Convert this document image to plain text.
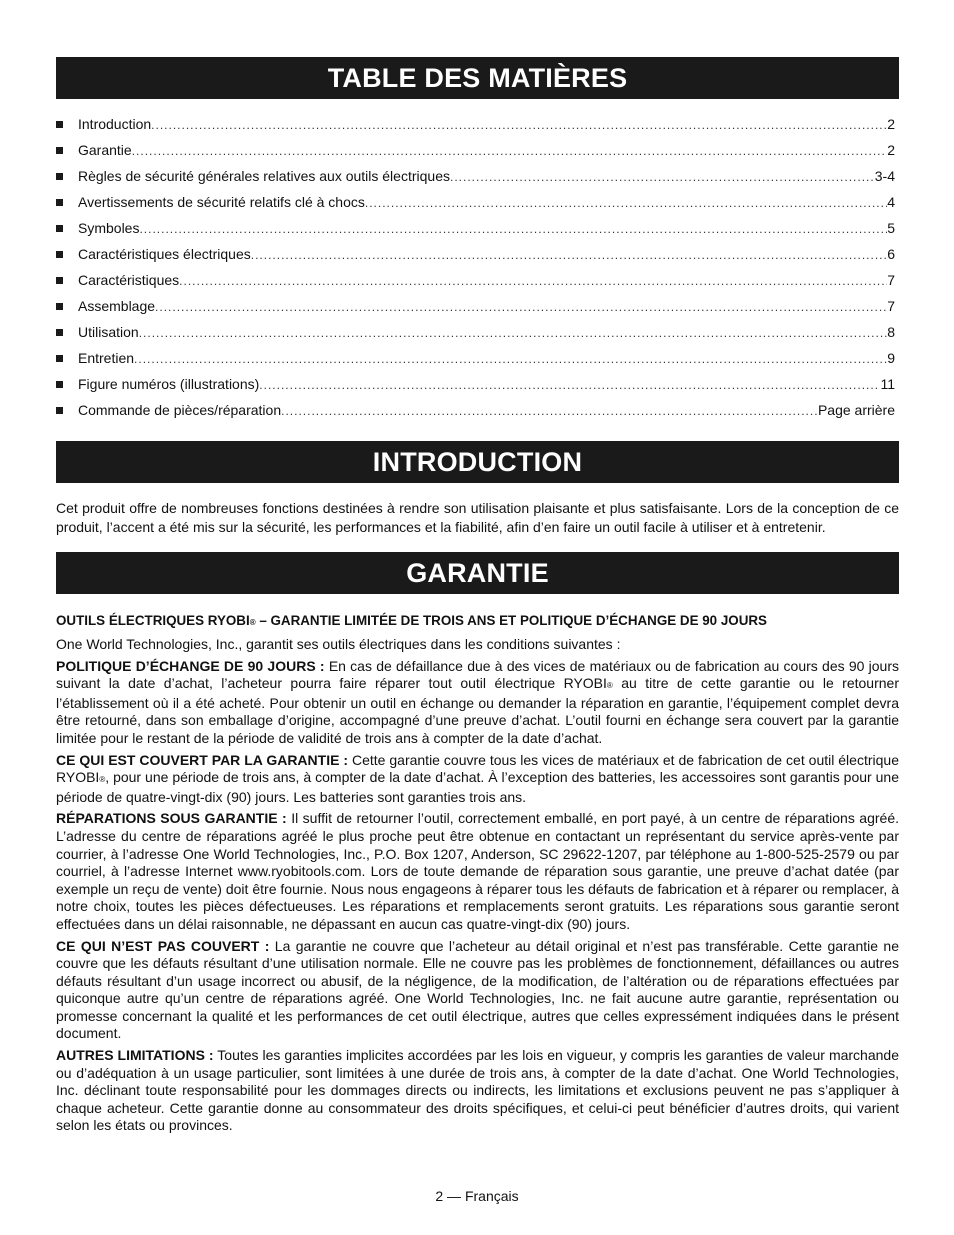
TABLE DES MATIÈRES
Introduction .....	2
Garantie .....	2
Règles de sécurité générales relatives aux outils électriques .....	3-4
Avertissements de sécurité relatifs clé à chocs .....	4
Symboles .....	5
Caractéristiques électriques .....	6
Caractéristiques .....	7
Assemblage .....	7
Utilisation .....	8
Entretien .....	9
Figure numéros (illustrations) .....	11
Commande de pièces/réparation .....	Page arrière
INTRODUCTION

Cet produit offre de nombreuses fonctions destinées à rendre son utilisation plaisante et plus satisfaisante. Lors de la conception de ce produit, l’accent a été mis sur la sécurité, les performances et la fiabilité, afin d’en faire un outil facile à utiliser et à entretenir.

GARANTIE
OUTILS ÉLECTRIQUES RYOBI® – GARANTIE LIMITÉE DE TROIS ANS ET POLITIQUE D’ÉCHANGE DE 90 JOURS

One World Technologies, Inc., garantit ses outils électriques dans les conditions suivantes :

POLITIQUE D’ÉCHANGE DE 90 JOURS : En cas de défaillance due à des vices de matériaux ou de fabrication au cours des 90 jours suivant la date d’achat, l’acheteur pourra faire réparer tout outil électrique RYOBI® au titre de cette garantie ou le retourner l’établissement où il a été acheté. Pour obtenir un outil en échange ou demander la réparation en garantie, l’équipement complet devra être retourné, dans son emballage d’origine, accompagné d’une preuve d’achat. L’outil fourni en échange sera couvert par la garantie limitée pour le restant de la période de validité de trois ans à compter de la date d’achat.

CE QUI EST COUVERT PAR LA GARANTIE : Cette garantie couvre tous les vices de matériaux et de fabrication de cet outil électrique RYOBI®, pour une période de trois ans, à compter de la date d’achat. À l’exception des batteries, les accessoires sont garantis pour une période de quatre-vingt-dix (90) jours. Les batteries sont garanties trois ans.

RÉPARATIONS SOUS GARANTIE : Il suffit de retourner l’outil, correctement emballé, en port payé, à un centre de réparations agréé. L’adresse du centre de réparations agréé le plus proche peut être obtenue en contactant un représentant du service après-vente par courrier, à l’adresse One World Technologies, Inc., P.O. Box 1207, Anderson, SC 29622-1207, par téléphone au 1-800-525-2579 ou par courriel, à l’adresse Internet www.ryobitools.com. Lors de toute demande de réparation sous garantie, une preuve d’achat datée (par exemple un reçu de vente) doit être fournie. Nous nous engageons à réparer tous les défauts de fabrication et à réparer ou remplacer, à notre choix, toutes les pièces défectueuses. Les réparations et remplacements seront gratuits. Les réparations sous garantie seront effectuées dans un délai raisonnable, ne dépassant en aucun cas quatre-vingt-dix (90) jours.

CE QUI N’EST PAS COUVERT : La garantie ne couvre que l’acheteur au détail original et n’est pas transférable. Cette garantie ne couvre que les défauts résultant d’une utilisation normale. Elle ne couvre pas les problèmes de fonctionnement, défaillances ou autres défauts résultant d’un usage incorrect ou abusif, de la négligence, de la modification, de l’altération ou de réparations effectuées par quiconque autre qu’un centre de réparations agréé. One World Technologies, Inc. ne fait aucune autre garantie, représentation ou promesse concernant la qualité et les performances de cet outil électrique, autres que celles expressément indiquées dans le présent document.

AUTRES LIMITATIONS : Toutes les garanties implicites accordées par les lois en vigueur, y compris les garanties de valeur marchande ou d’adéquation à un usage particulier, sont limitées à une durée de trois ans, à compter de la date d’achat. One World Technologies, Inc. déclinant toute responsabilité pour les dommages directs ou indirects, les limitations et exclusions peuvent ne pas s’appliquer à chaque acheteur. Cette garantie donne au consommateur des droits spécifiques, et celui-ci peut bénéficier d’autres droits, qui varient selon les états ou provinces.

2 — Français
